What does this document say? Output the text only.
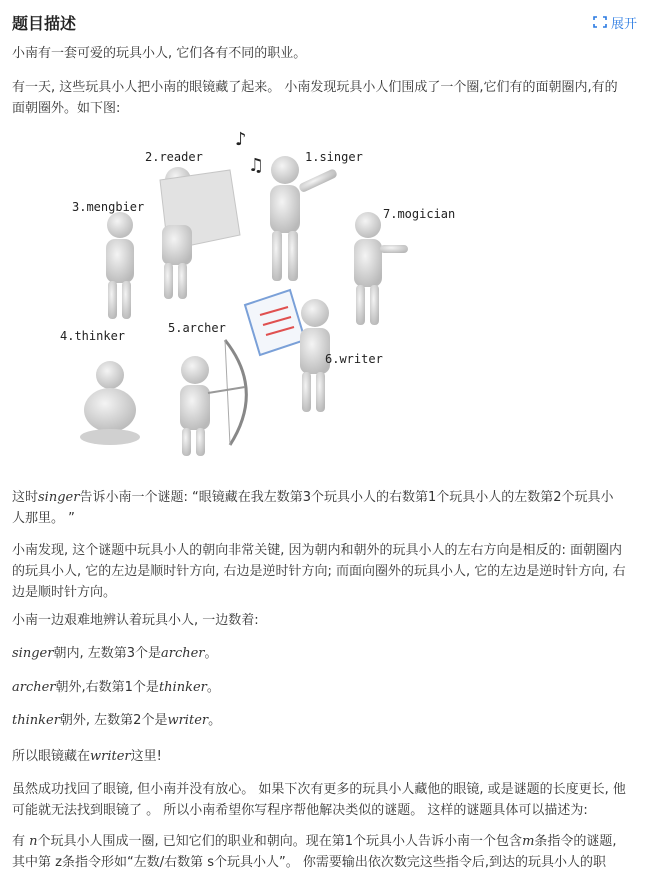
题目描述	展开

小南有一套可爱的玩具小人, 它们各有不同的职业。

有一天, 这些玩具小人把小南的眼镜藏了起来。 小南发现玩具小人们围成了一个圈,它们有的面朝圈内,有的
面朝圈外。如下图:

♪
♫	1.singer
2.reader
3.mengbier	7.mogician
4.thinker
5.archer
6.writer

这时singer告诉小南一个谜题: “眼镜藏在我左数第3个玩具小人的右数第1个玩具小人的左数第2个玩具小
人那里。 ”

小南发现, 这个谜题中玩具小人的朝向非常关键, 因为朝内和朝外的玩具小人的左右方向是相反的: 面朝圈内
的玩具小人, 它的左边是顺时针方向, 右边是逆时针方向; 而面向圈外的玩具小人, 它的左边是逆时针方向, 右
边是顺时针方向。

小南一边艰难地辨认着玩具小人, 一边数着:

singer朝内, 左数第3个是archer。

archer朝外,右数第1个是thinker。

thinker朝外, 左数第2个是writer。

所以眼镜藏在writer这里!

虽然成功找回了眼镜, 但小南并没有放心。 如果下次有更多的玩具小人藏他的眼镜, 或是谜题的长度更长, 他
可能就无法找到眼镜了 。 所以小南希望你写程序帮他解决类似的谜题。 这样的谜题具体可以描述为:

有 n个玩具小人围成一圈, 已知它们的职业和朝向。现在第1个玩具小人告诉小南一个包含m条指令的谜题,
其中第 z条指令形如“左数/右数第 s个玩具小人”。 你需要输出依次数完这些指令后,到达的玩具小人的职
